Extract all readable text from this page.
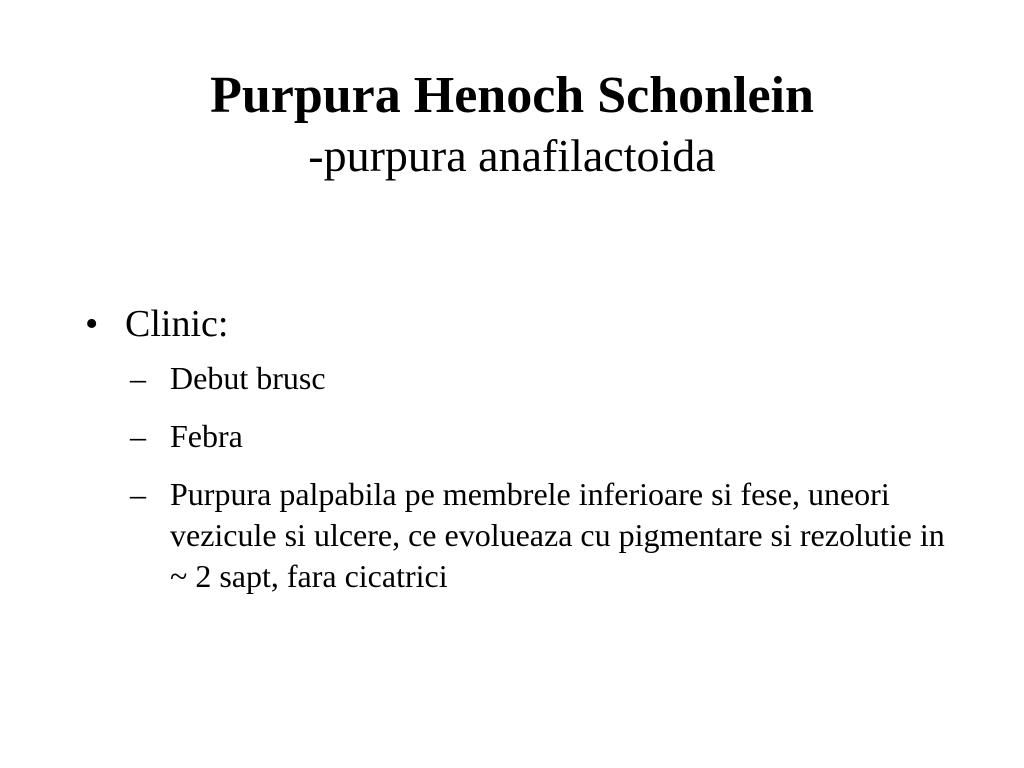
Purpura Henoch Schonlein
-purpura anafilactoida
• Clinic:
– Debut brusc
– Febra
– Purpura palpabila pe membrele inferioare si fese, uneori vezicule si ulcere, ce evolueaza cu pigmentare si rezolutie in ~ 2 sapt, fara cicatrici
